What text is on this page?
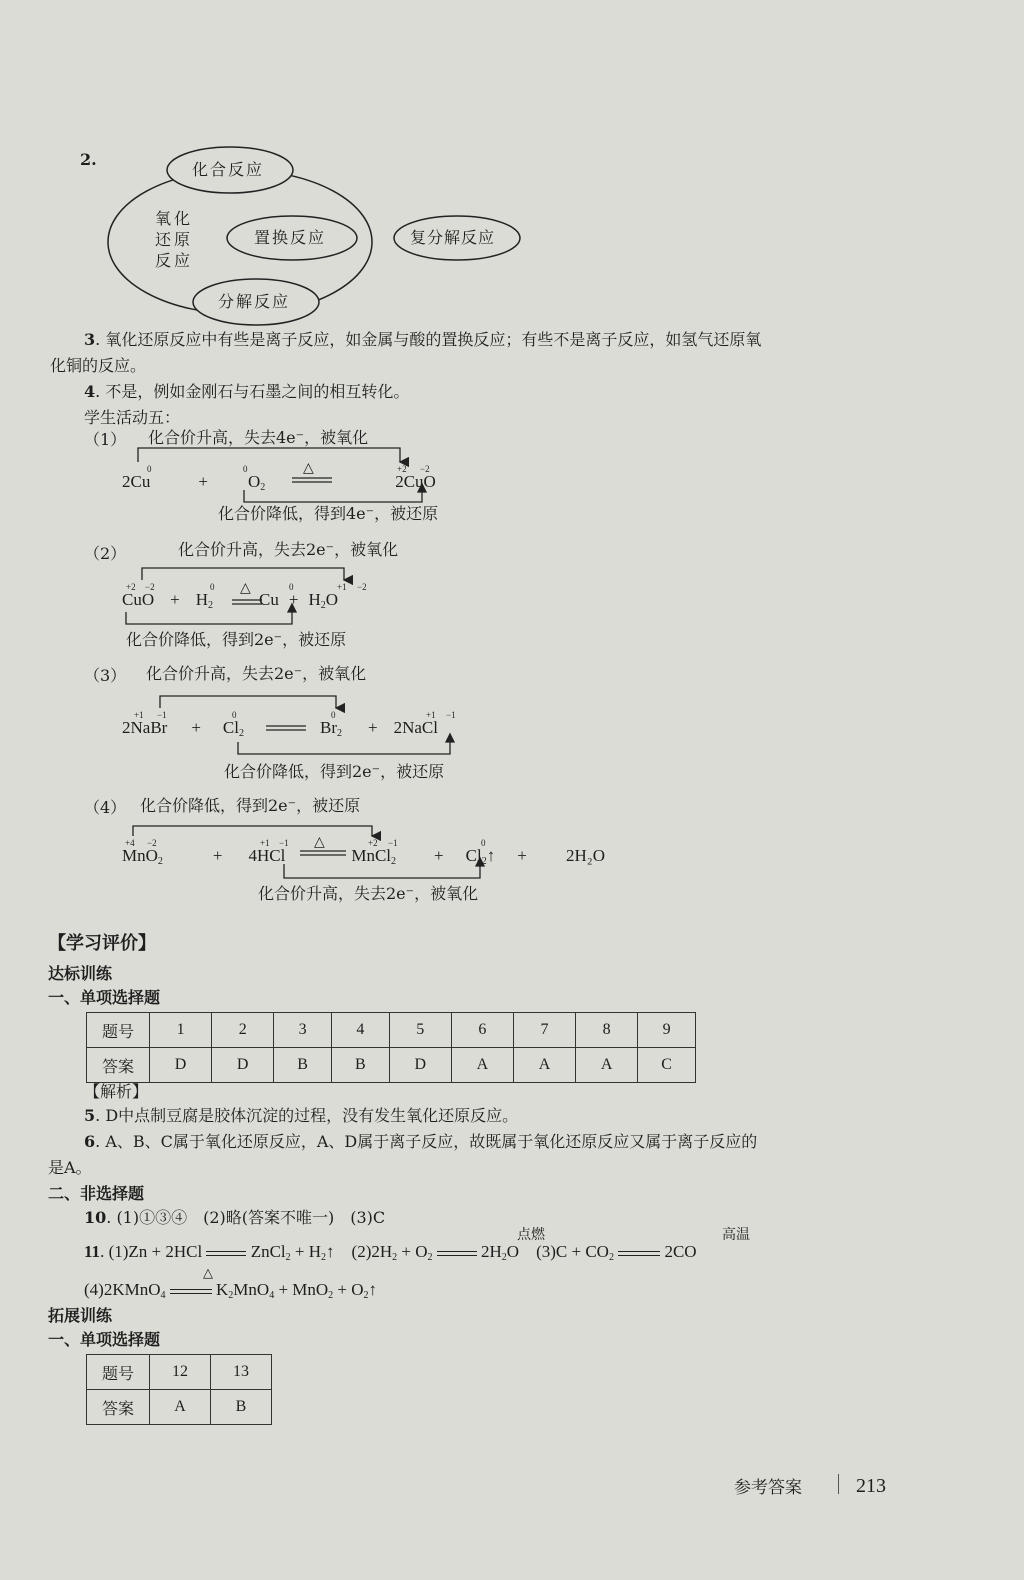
2.
化合反应
氧化
还原
反应
置换反应	复分解反应
分解反应
3. 氧化还原反应中有些是离子反应，如金属与酸的置换反应；有些不是离子反应，如氢气还原氧
化铜的反应。
4. 不是，例如金刚石与石墨之间的相互转化。
学生活动五：
（1） 化合价升高，失去4e⁻，被氧化
0	0	+2 −2
2Cu	+ $O_2$	2CuO
△
化合价降低，得到4e⁻，被还原
（2）	化合价升高，失去2e⁻，被氧化
+2 −2	0	0	+1 −2
CuO + $H_2$	$Cu + H_2O$
△
化合价降低，得到2e⁻，被还原
（3） 化合价升高，失去2e⁻，被氧化
+1 −1	0	0	+1 −1
2NaBr + $Cl_2$	$Br_2$ + 2NaCl
化合价降低，得到2e⁻，被还原
（4） 化合价降低，得到2e⁻，被还原
+4 −2	+1 −1	+2 −1	0
MnO$_2$	+ 4HCl	MnCl$_2$ + $Cl_2↑ + 2H_2O$
△
化合价升高，失去2e⁻，被氧化
【学习评价】
达标训练
一、单项选择题
题号	1	2	3	4	5	6	7	8	9
答案	D	D	B	B	D	A	A	A	C
【解析】
5. D中点制豆腐是胶体沉淀的过程，没有发生氧化还原反应。
6. A、B、C属于氧化还原反应，A、D属于离子反应，故既属于氧化还原反应又属于离子反应的
是A。
二、非选择题
10. (1)①③④　(2)略(答案不唯一)　(3)C
11. (1)Zn + 2HCl  ZnCl$_2$ + $H_2↑$　$(2)2H_2 + O_2$	$2H_2O$　$(3)C + CO_2$	2CO
点燃	高温
(4)2KMnO$_4$	$K_2MnO_4 + MnO_2$ + $O_2↑$
△
拓展训练
一、单项选择题
题号	12	13
答案	A	B
参考答案	213
